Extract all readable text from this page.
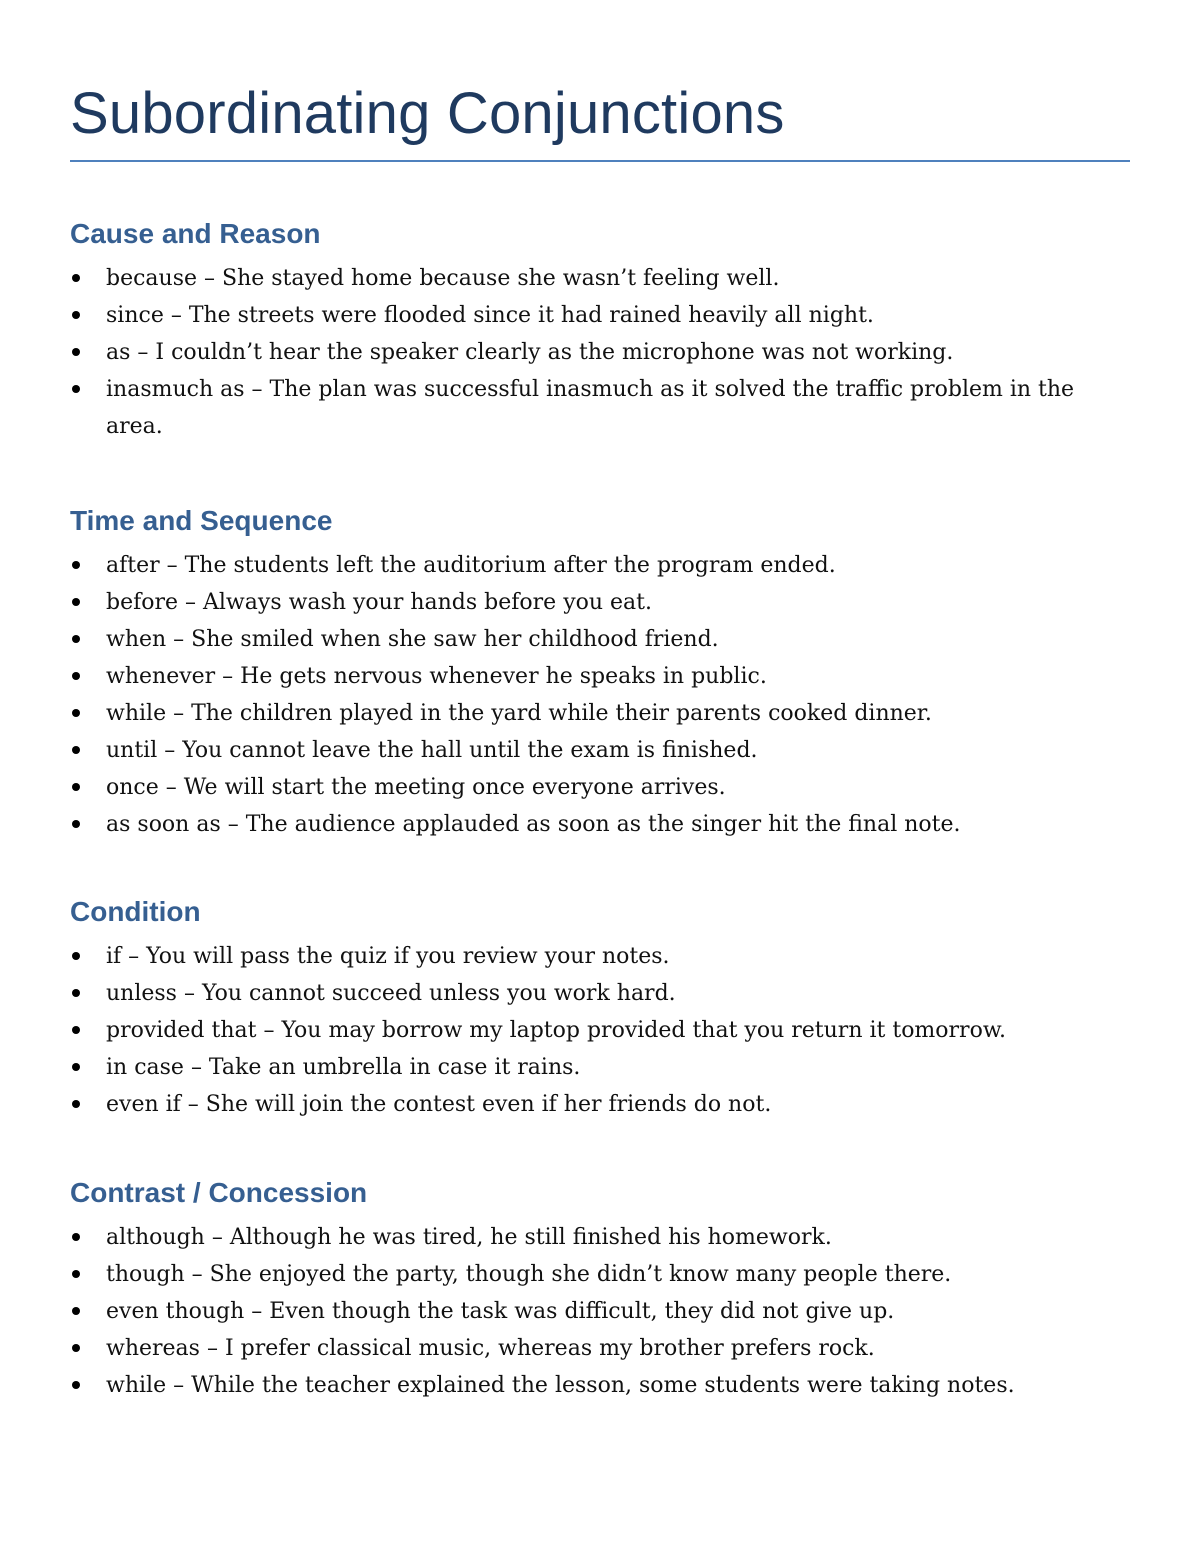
Subordinating Conjunctions
Cause and Reason
because – She stayed home because she wasn’t feeling well.
since – The streets were flooded since it had rained heavily all night.
as – I couldn’t hear the speaker clearly as the microphone was not working.
inasmuch as – The plan was successful inasmuch as it solved the traffic problem in the area.
Time and Sequence
after – The students left the auditorium after the program ended.
before – Always wash your hands before you eat.
when – She smiled when she saw her childhood friend.
whenever – He gets nervous whenever he speaks in public.
while – The children played in the yard while their parents cooked dinner.
until – You cannot leave the hall until the exam is finished.
once – We will start the meeting once everyone arrives.
as soon as – The audience applauded as soon as the singer hit the final note.
Condition
if – You will pass the quiz if you review your notes.
unless – You cannot succeed unless you work hard.
provided that – You may borrow my laptop provided that you return it tomorrow.
in case – Take an umbrella in case it rains.
even if – She will join the contest even if her friends do not.
Contrast / Concession
although – Although he was tired, he still finished his homework.
though – She enjoyed the party, though she didn’t know many people there.
even though – Even though the task was difficult, they did not give up.
whereas – I prefer classical music, whereas my brother prefers rock.
while – While the teacher explained the lesson, some students were taking notes.
